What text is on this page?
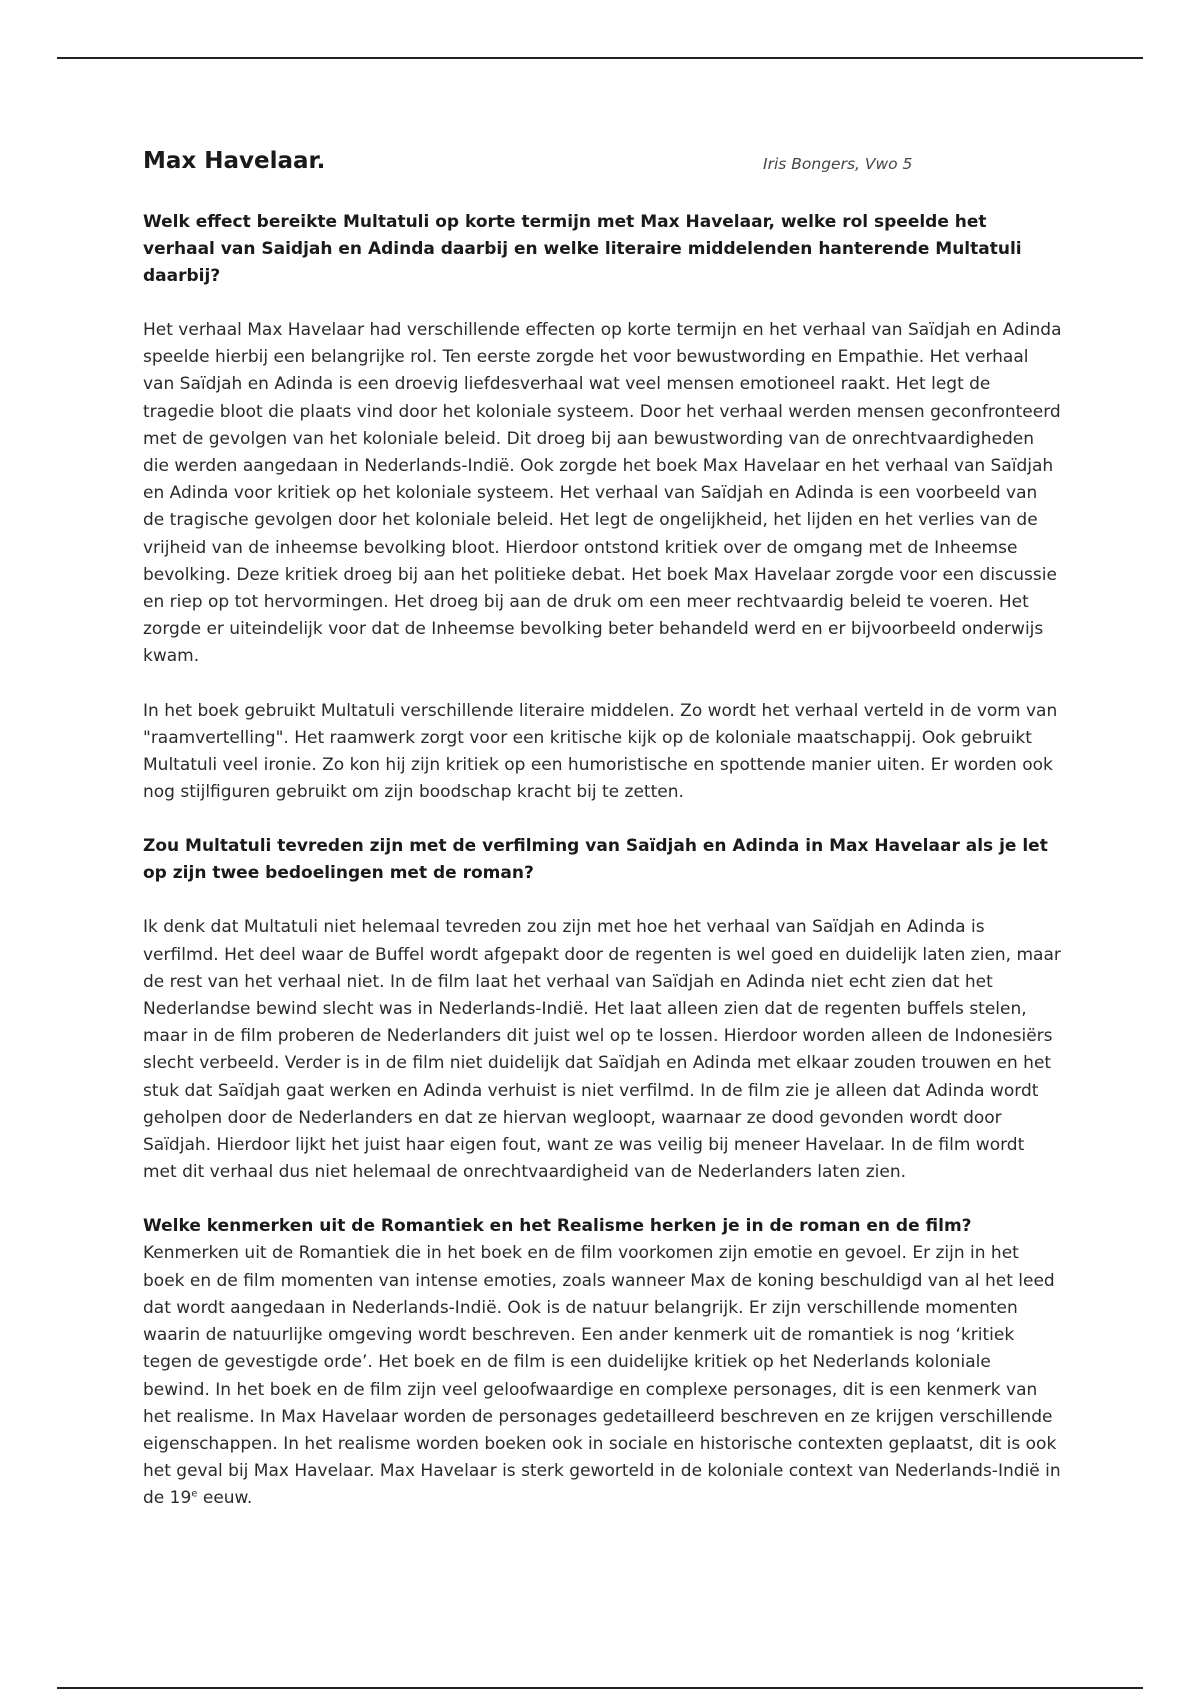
Max Havelaar.	Iris Bongers, Vwo 5

Welk effect bereikte Multatuli op korte termijn met Max Havelaar, welke rol speelde het verhaal van Saidjah en Adinda daarbij en welke literaire middelenden hanterende Multatuli daarbij?

Het verhaal Max Havelaar had verschillende effecten op korte termijn en het verhaal van Saïdjah en Adinda speelde hierbij een belangrijke rol. Ten eerste zorgde het voor bewustwording en Empathie. Het verhaal van Saïdjah en Adinda is een droevig liefdesverhaal wat veel mensen emotioneel raakt. Het legt de tragedie bloot die plaats vind door het koloniale systeem. Door het verhaal werden mensen geconfronteerd met de gevolgen van het koloniale beleid. Dit droeg bij aan bewustwording van de onrechtvaardigheden die werden aangedaan in Nederlands-Indië. Ook zorgde het boek Max Havelaar en het verhaal van Saïdjah en Adinda voor kritiek op het koloniale systeem. Het verhaal van Saïdjah en Adinda is een voorbeeld van de tragische gevolgen door het koloniale beleid. Het legt de ongelijkheid, het lijden en het verlies van de vrijheid van de inheemse bevolking bloot. Hierdoor ontstond kritiek over de omgang met de Inheemse bevolking. Deze kritiek droeg bij aan het politieke debat. Het boek Max Havelaar zorgde voor een discussie en riep op tot hervormingen. Het droeg bij aan de druk om een meer rechtvaardig beleid te voeren. Het zorgde er uiteindelijk voor dat de Inheemse bevolking beter behandeld werd en er bijvoorbeeld onderwijs kwam.

In het boek gebruikt Multatuli verschillende literaire middelen. Zo wordt het verhaal verteld in de vorm van "raamvertelling". Het raamwerk zorgt voor een kritische kijk op de koloniale maatschappij. Ook gebruikt Multatuli veel ironie. Zo kon hij zijn kritiek op een humoristische en spottende manier uiten. Er worden ook nog stijlfiguren gebruikt om zijn boodschap kracht bij te zetten.

Zou Multatuli tevreden zijn met de verfilming van Saïdjah en Adinda in Max Havelaar als je let op zijn twee bedoelingen met de roman?

Ik denk dat Multatuli niet helemaal tevreden zou zijn met hoe het verhaal van Saïdjah en Adinda is verfilmd. Het deel waar de Buffel wordt afgepakt door de regenten is wel goed en duidelijk laten zien, maar de rest van het verhaal niet. In de film laat het verhaal van Saïdjah en Adinda niet echt zien dat het Nederlandse bewind slecht was in Nederlands-Indië. Het laat alleen zien dat de regenten buffels stelen, maar in de film proberen de Nederlanders dit juist wel op te lossen. Hierdoor worden alleen de Indonesiërs slecht verbeeld. Verder is in de film niet duidelijk dat Saïdjah en Adinda met elkaar zouden trouwen en het stuk dat Saïdjah gaat werken en Adinda verhuist is niet verfilmd. In de film zie je alleen dat Adinda wordt geholpen door de Nederlanders en dat ze hiervan wegloopt, waarnaar ze dood gevonden wordt door Saïdjah. Hierdoor lijkt het juist haar eigen fout, want ze was veilig bij meneer Havelaar. In de film wordt met dit verhaal dus niet helemaal de onrechtvaardigheid van de Nederlanders laten zien.

Welke kenmerken uit de Romantiek en het Realisme herken je in de roman en de film?

Kenmerken uit de Romantiek die in het boek en de film voorkomen zijn emotie en gevoel. Er zijn in het boek en de film momenten van intense emoties, zoals wanneer Max de koning beschuldigd van al het leed dat wordt aangedaan in Nederlands-Indië. Ook is de natuur belangrijk. Er zijn verschillende momenten waarin de natuurlijke omgeving wordt beschreven. Een ander kenmerk uit de romantiek is nog ‘kritiek tegen de gevestigde orde’. Het boek en de film is een duidelijke kritiek op het Nederlands koloniale bewind. In het boek en de film zijn veel geloofwaardige en complexe personages, dit is een kenmerk van het realisme. In Max Havelaar worden de personages gedetailleerd beschreven en ze krijgen verschillende eigenschappen. In het realisme worden boeken ook in sociale en historische contexten geplaatst, dit is ook het geval bij Max Havelaar. Max Havelaar is sterk geworteld in de koloniale context van Nederlands-Indië in de 19e eeuw.
